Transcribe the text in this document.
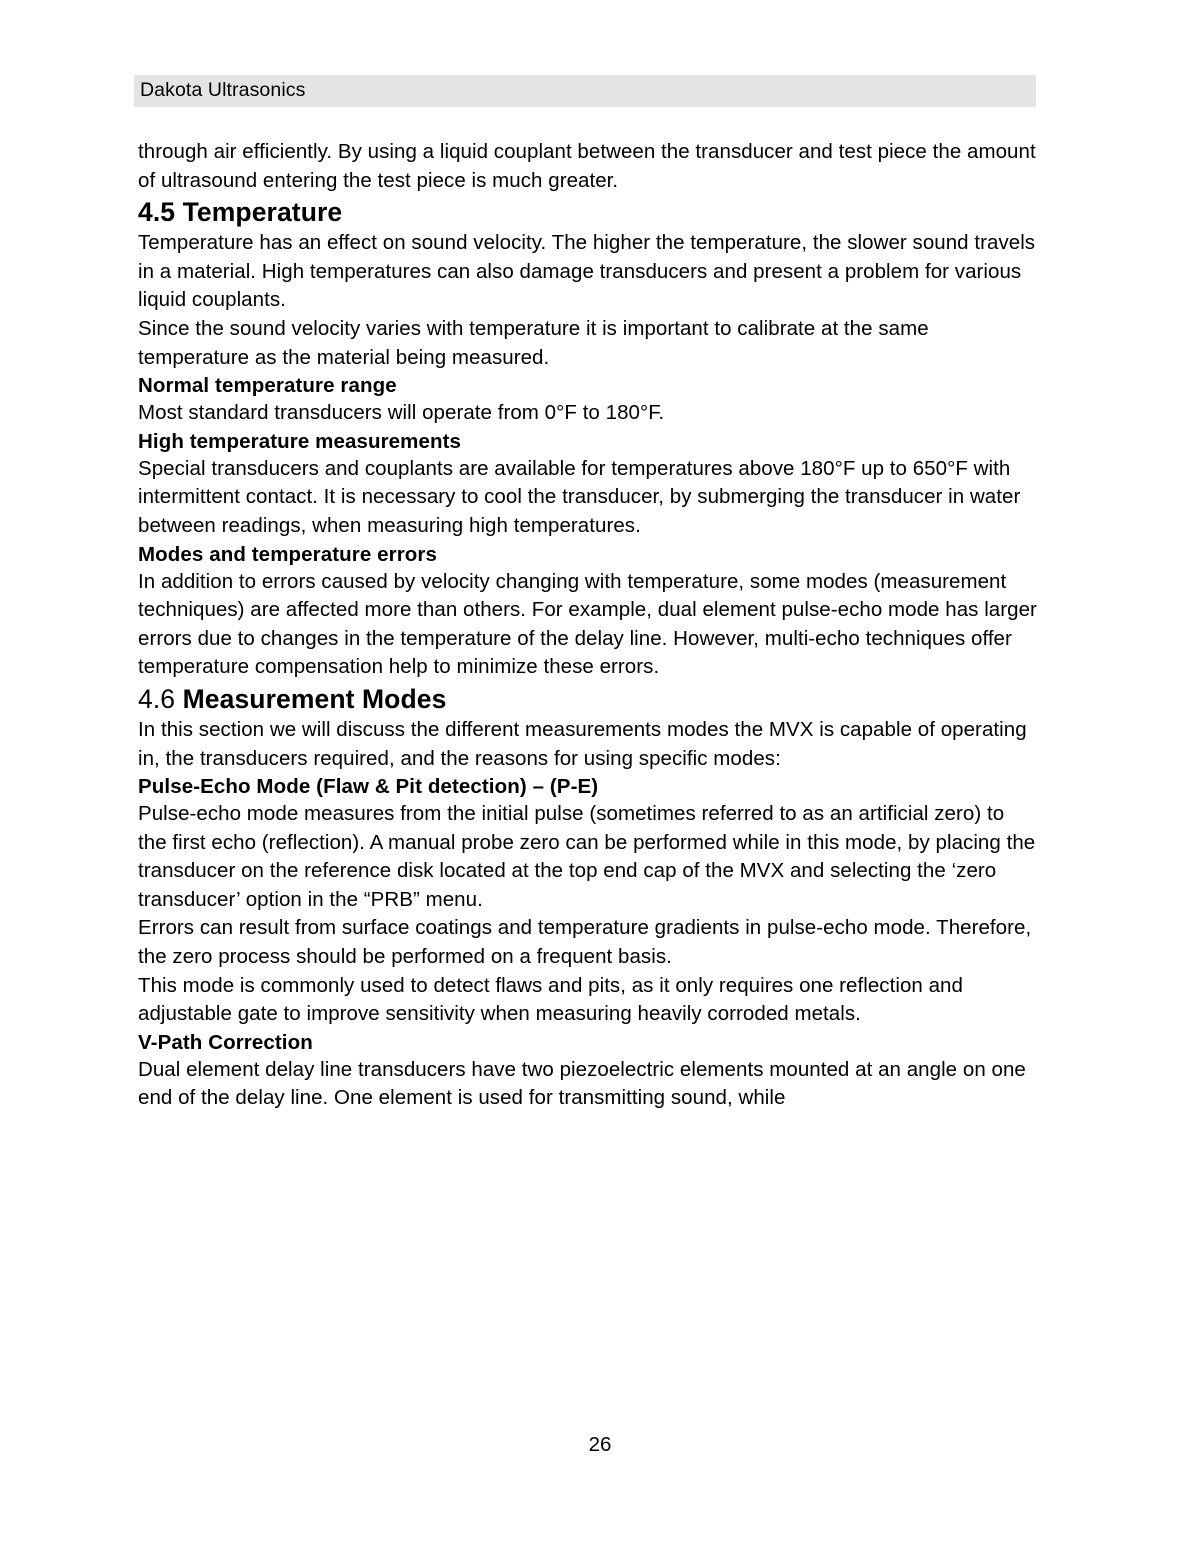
Dakota Ultrasonics

through air efficiently. By using a liquid couplant between the transducer and test piece the amount of ultrasound entering the test piece is much greater.

4.5 Temperature

Temperature has an effect on sound velocity. The higher the temperature, the slower sound travels in a material. High temperatures can also damage transducers and present a problem for various liquid couplants.

Since the sound velocity varies with temperature it is important to calibrate at the same temperature as the material being measured.

Normal temperature range

Most standard transducers will operate from 0°F to 180°F.

High temperature measurements

Special transducers and couplants are available for temperatures above 180°F up to 650°F with intermittent contact. It is necessary to cool the transducer, by submerging the transducer in water between readings, when measuring high temperatures.

Modes and temperature errors

In addition to errors caused by velocity changing with temperature, some modes (measurement techniques) are affected more than others. For example, dual element pulse-echo mode has larger errors due to changes in the temperature of the delay line. However, multi-echo techniques offer temperature compensation help to minimize these errors.

4.6 Measurement Modes

In this section we will discuss the different measurements modes the MVX is capable of operating in, the transducers required, and the reasons for using specific modes:

Pulse-Echo Mode (Flaw & Pit detection) – (P-E)

Pulse-echo mode measures from the initial pulse (sometimes referred to as an artificial zero) to the first echo (reflection). A manual probe zero can be performed while in this mode, by placing the transducer on the reference disk located at the top end cap of the MVX and selecting the ‘zero transducer’ option in the “PRB” menu.

Errors can result from surface coatings and temperature gradients in pulse-echo mode. Therefore, the zero process should be performed on a frequent basis.

This mode is commonly used to detect flaws and pits, as it only requires one reflection and adjustable gate to improve sensitivity when measuring heavily corroded metals.

V-Path Correction

Dual element delay line transducers have two piezoelectric elements mounted at an angle on one end of the delay line. One element is used for transmitting sound, while

26
